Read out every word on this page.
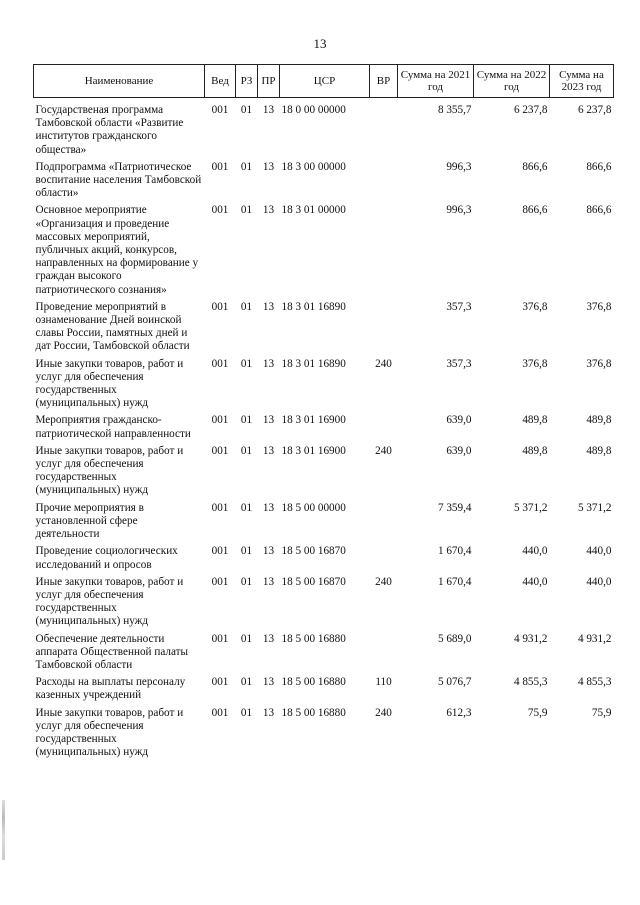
13
Наименование	Вед	РЗ	ПР	ЦСР	ВР	Сумма на 2021 год	Сумма на 2022 год	Сумма на 2023 год
Государственая программа Тамбовской области «Развитие институтов гражданского общества»	001	01	13	18 0 00 00000		8 355,7	6 237,8	6 237,8
Подпрограмма «Патриотическое воспитание населения Тамбовской области»	001	01	13	18 3 00 00000		996,3	866,6	866,6
Основное мероприятие «Организация и проведение массовых мероприятий, публичных акций, конкурсов, направленных на формирование у граждан высокого патриотического сознания»	001	01	13	18 3 01 00000		996,3	866,6	866,6
Проведение мероприятий в ознаменование Дней воинской славы России, памятных дней и дат России, Тамбовской области	001	01	13	18 3 01 16890		357,3	376,8	376,8
Иные закупки товаров, работ и услуг для обеспечения государственных (муниципальных) нужд	001	01	13	18 3 01 16890	240	357,3	376,8	376,8
Мероприятия гражданско-патриотической направленности	001	01	13	18 3 01 16900		639,0	489,8	489,8
Иные закупки товаров, работ и услуг для обеспечения государственных (муниципальных) нужд	001	01	13	18 3 01 16900	240	639,0	489,8	489,8
Прочие мероприятия в установленной сфере деятельности	001	01	13	18 5 00 00000		7 359,4	5 371,2	5 371,2
Проведение социологических исследований и опросов	001	01	13	18 5 00 16870		1 670,4	440,0	440,0
Иные закупки товаров, работ и услуг для обеспечения государственных (муниципальных) нужд	001	01	13	18 5 00 16870	240	1 670,4	440,0	440,0
Обеспечение деятельности аппарата Общественной палаты Тамбовской области	001	01	13	18 5 00 16880		5 689,0	4 931,2	4 931,2
Расходы на выплаты персоналу казенных учреждений	001	01	13	18 5 00 16880	110	5 076,7	4 855,3	4 855,3
Иные закупки товаров, работ и услуг для обеспечения государственных (муниципальных) нужд	001	01	13	18 5 00 16880	240	612,3	75,9	75,9
